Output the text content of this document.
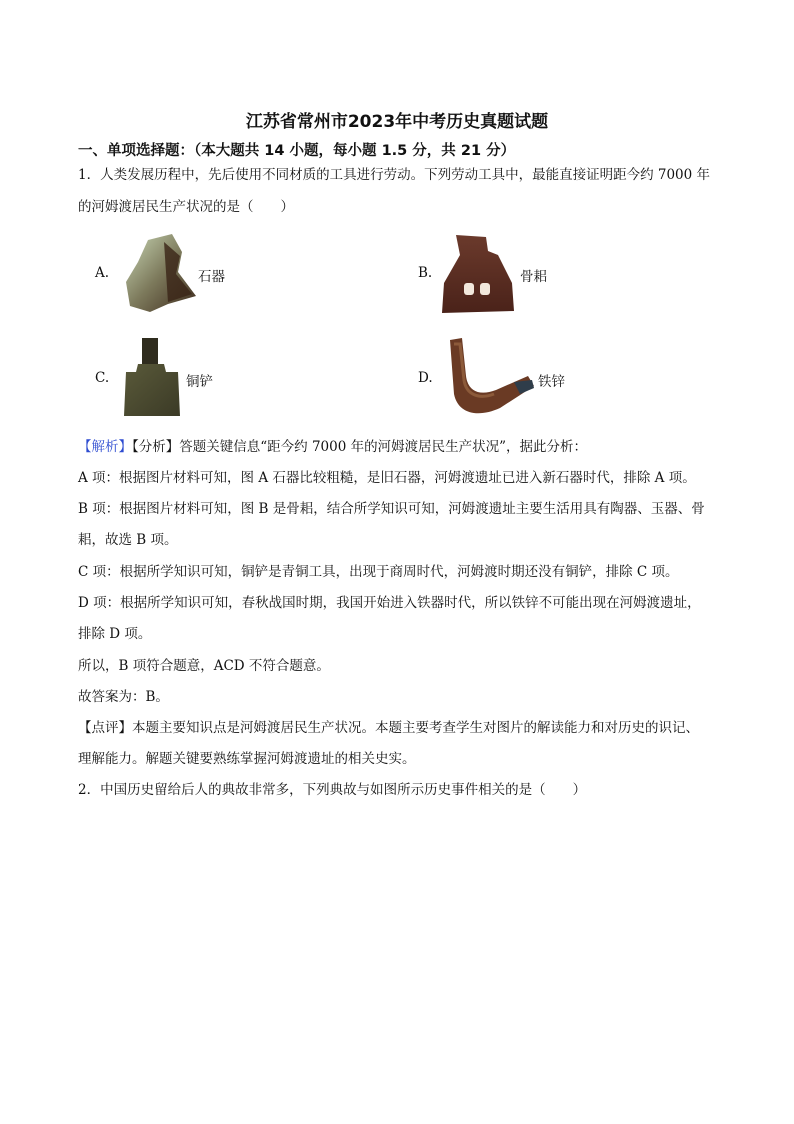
江苏省常州市2023年中考历史真题试题
一、单项选择题：（本大题共 14 小题，每小题 1.5 分，共 21 分）
1．人类发展历程中，先后使用不同材质的工具进行劳动。下列劳动工具中，最能直接证明距今约 7000 年
的河姆渡居民生产状况的是（　　）
A.	石器	B.	骨耜
C.	铜铲	D.	铁锌
【解析】【分析】答题关键信息“距今约 7000 年的河姆渡居民生产状况”，据此分析：
A 项：根据图片材料可知，图 A 石器比较粗糙，是旧石器，河姆渡遗址已进入新石器时代，排除 A 项。
B 项：根据图片材料可知，图 B 是骨耜，结合所学知识可知，河姆渡遗址主要生活用具有陶器、玉器、骨
耜，故选 B 项。
C 项：根据所学知识可知，铜铲是青铜工具，出现于商周时代，河姆渡时期还没有铜铲，排除 C 项。
D 项：根据所学知识可知，春秋战国时期，我国开始进入铁器时代，所以铁锌不可能出现在河姆渡遗址，
排除 D 项。
所以，B 项符合题意，ACD 不符合题意。
故答案为：B。
【点评】本题主要知识点是河姆渡居民生产状况。本题主要考查学生对图片的解读能力和对历史的识记、
理解能力。解题关键要熟练掌握河姆渡遗址的相关史实。
2．中国历史留给后人的典故非常多，下列典故与如图所示历史事件相关的是（　　）
